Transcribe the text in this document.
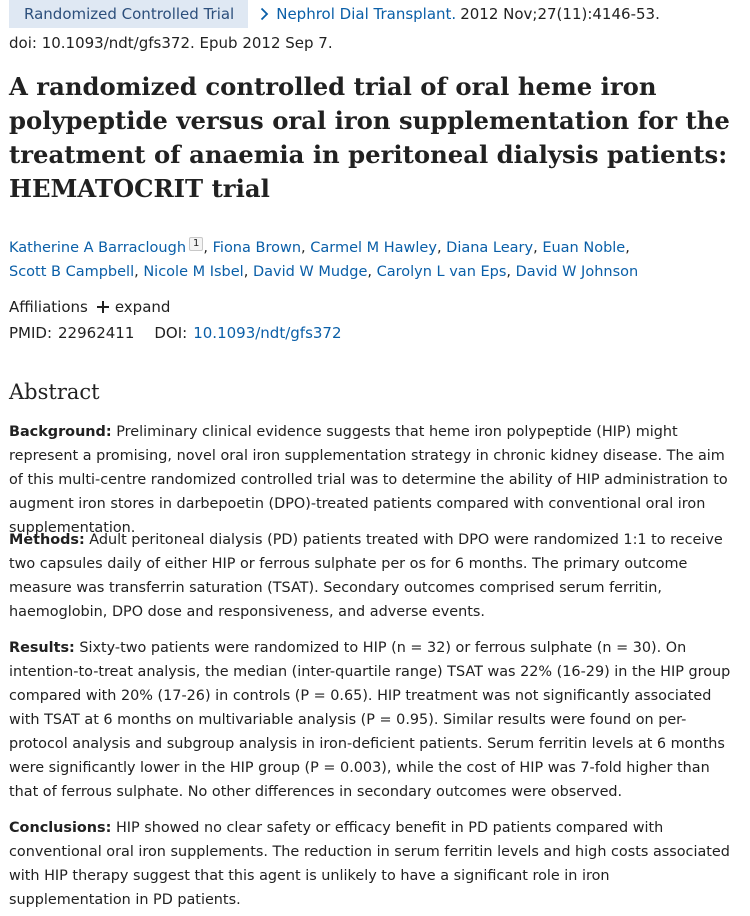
Randomized Controlled Trial	Nephrol Dial Transplant. 2012 Nov;27(11):4146-53.
doi: 10.1093/ndt/gfs372. Epub 2012 Sep 7.
A randomized controlled trial of oral heme iron polypeptide versus oral iron supplementation for the treatment of anaemia in peritoneal dialysis patients: HEMATOCRIT trial
Katherine A Barraclough 1 , Fiona Brown, Carmel M Hawley, Diana Leary, Euan Noble,
Scott B Campbell, Nicole M Isbel, David W Mudge, Carolyn L van Eps, David W Johnson
Affiliations expand
PMID: 22962411 DOI: 10.1093/ndt/gfs372
Abstract

Background: Preliminary clinical evidence suggests that heme iron polypeptide (HIP) might represent a promising, novel oral iron supplementation strategy in chronic kidney disease. The aim of this multi-centre randomized controlled trial was to determine the ability of HIP administration to augment iron stores in darbepoetin (DPO)-treated patients compared with conventional oral iron supplementation.

Methods: Adult peritoneal dialysis (PD) patients treated with DPO were randomized 1:1 to receive two capsules daily of either HIP or ferrous sulphate per os for 6 months. The primary outcome measure was transferrin saturation (TSAT). Secondary outcomes comprised serum ferritin, haemoglobin, DPO dose and responsiveness, and adverse events.

Results: Sixty-two patients were randomized to HIP (n = 32) or ferrous sulphate (n = 30). On intention-to-treat analysis, the median (inter-quartile range) TSAT was 22% (16-29) in the HIP group compared with 20% (17-26) in controls (P = 0.65). HIP treatment was not significantly associated with TSAT at 6 months on multivariable analysis (P = 0.95). Similar results were found on per-protocol analysis and subgroup analysis in iron-deficient patients. Serum ferritin levels at 6 months were significantly lower in the HIP group (P = 0.003), while the cost of HIP was 7-fold higher than that of ferrous sulphate. No other differences in secondary outcomes were observed.

Conclusions: HIP showed no clear safety or efficacy benefit in PD patients compared with conventional oral iron supplements. The reduction in serum ferritin levels and high costs associated with HIP therapy suggest that this agent is unlikely to have a significant role in iron supplementation in PD patients.
